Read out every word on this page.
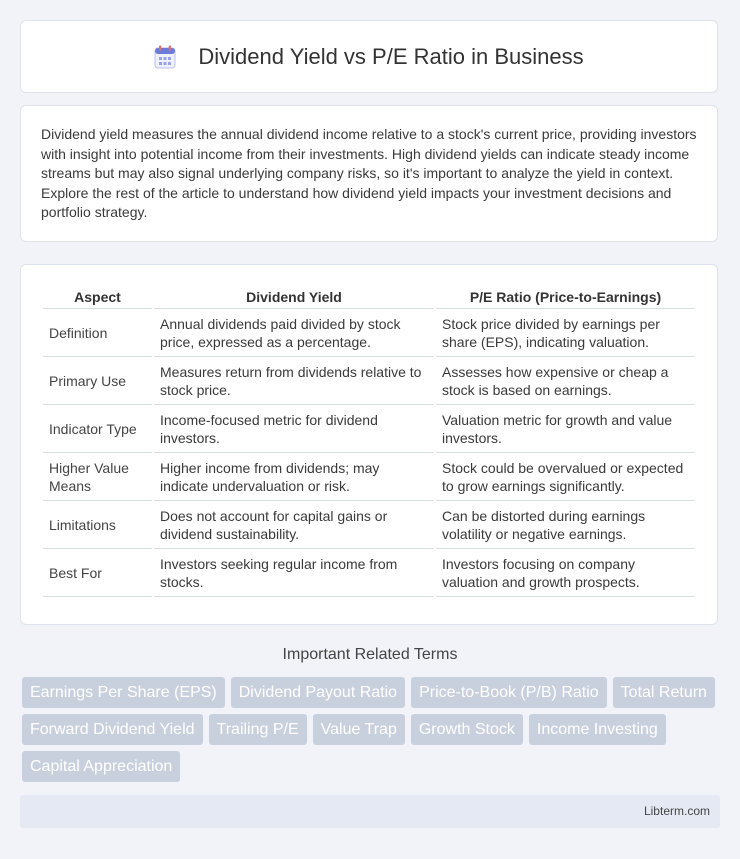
Dividend Yield vs P/E Ratio in Business

Dividend yield measures the annual dividend income relative to a stock's current price, providing investors with insight into potential income from their investments. High dividend yields can indicate steady income streams but may also signal underlying company risks, so it's important to analyze the yield in context. Explore the rest of the article to understand how dividend yield impacts your investment decisions and portfolio strategy.

Aspect	Dividend Yield	P/E Ratio (Price-to-Earnings)
Definition	Annual dividends paid divided by stock price, expressed as a percentage.	Stock price divided by earnings per share (EPS), indicating valuation.
Primary Use	Measures return from dividends relative to stock price.	Assesses how expensive or cheap a stock is based on earnings.
Indicator Type	Income-focused metric for dividend investors.	Valuation metric for growth and value investors.
Higher Value Means	Higher income from dividends; may indicate undervaluation or risk.	Stock could be overvalued or expected to grow earnings significantly.
Limitations	Does not account for capital gains or dividend sustainability.	Can be distorted during earnings volatility or negative earnings.
Best For	Investors seeking regular income from stocks.	Investors focusing on company valuation and growth prospects.
Important Related Terms
Earnings Per Share (EPS)	Dividend Payout Ratio	Price-to-Book (P/B) Ratio	Total Return
Forward Dividend Yield	Trailing P/E	Value Trap	Growth Stock	Income Investing
Capital Appreciation
Libterm.com
